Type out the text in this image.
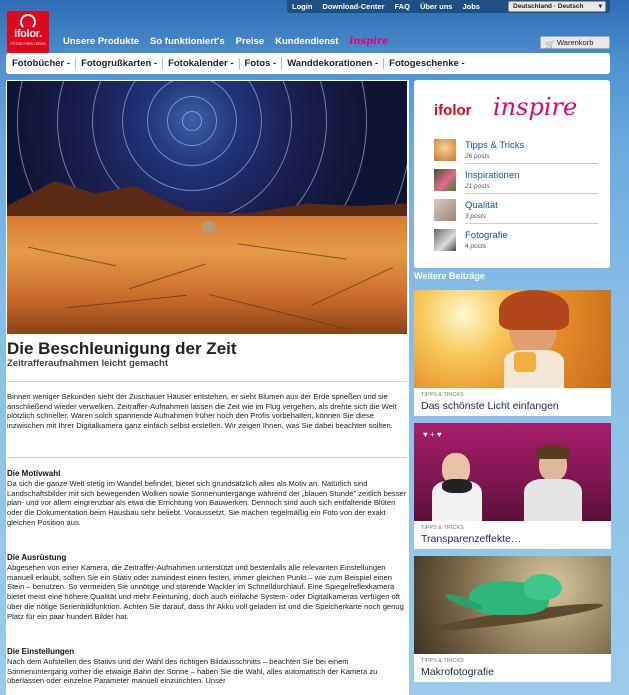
Login	Download-Center	FAQ	Über uns	Jobs	Deutschland · Deutsch ▾
ifolor.
FOTOS FÜRS LEBEN	Unsere Produkte So funktioniert's Preise Kundendienst inspire	🛒 Warenkorb
Fotobücher -	Fotogrußkarten -	Fotokalender -	Fotos -	Wanddekorationen -	Fotogeschenke -
Die Beschleunigung der Zeit
Zeitrafferaufnahmen leicht gemacht
Binnen weniger Sekunden sieht der Zuschauer Häuser entstehen, er sieht Blumen aus der Erde sprießen und sie anschließend wieder verwelken. Zeitraffer-Aufnahmen lassen die Zeit wie im Flug vergehen, als drehte sich die Welt plötzlich schneller. Waren solch spannende Aufnahmen früher noch den Profis vorbehalten, können Sie diese inzwischen mit Ihrer Digitalkamera ganz einfach selbst erstellen. Wir zeigen Ihnen, was Sie dabei beachten sollten.
Die Motivwahl
Da sich die ganze Welt stetig im Wandel befindet, bietet sich grundsätzlich alles als Motiv an. Natürlich sind Landschaftsbilder mit sich bewegenden Wolken sowie Sonnenuntergänge während der „blauen Stunde" zeitlich besser plan- und vor allem eingrenzbar als etwa die Errichtung von Bauwerken. Dennoch sind auch sich entfaltende Blüten oder die Dokumentation beim Hausbau sehr beliebt. Voraussetzt, Sie machen regelmäßig ein Foto von der exakt gleichen Position aus.
Die Ausrüstung
Abgesehen von einer Kamera, die Zeitraffer-Aufnahmen unterstützt und bestenfalls alle relevanten Einstellungen manuell erlaubt, sollten Sie ein Stativ oder zumindest einen festen, immer gleichen Punkt – wie zum Beispiel einen Stein – benutzen. So vermeiden Sie unnötige und störende Wackler im Schnelldurchlauf. Eine Spiegelreflexkamera bietet meist eine höhere Qualität und mehr Feintuning, doch auch einfache System- oder Digitalkameras verfügen oft über die nötige Serienbildfunktion. Achten Sie darauf, dass Ihr Akku voll geladen ist und die Speicherkarte noch genug Platz für ein paar hundert Bilder hat.
Die Einstellungen
Nach dem Aufstellen des Stativs und der Wahl des richtigen Bildausschnitts – beachten Sie bei einem Sonnenuntergang vorher die etwaige Bahn der Sonne – haben Sie die Wahl, alles automatisch der Kamera zu überlassen oder einzelne Parameter manuell einzurichten. Unser
ifolor inspire
Tipps & Tricks
26 posts
Inspirationen
21 posts
Qualität
3 posts
Fotografie
4 posts
Weitere Beiträge
TIPPS & TRICKS
Das schönste Licht einfangen
♥ + ♥
TIPPS & TRICKS
Transparenzeffekte…
TIPPS & TRICKS
Makrofotografie
